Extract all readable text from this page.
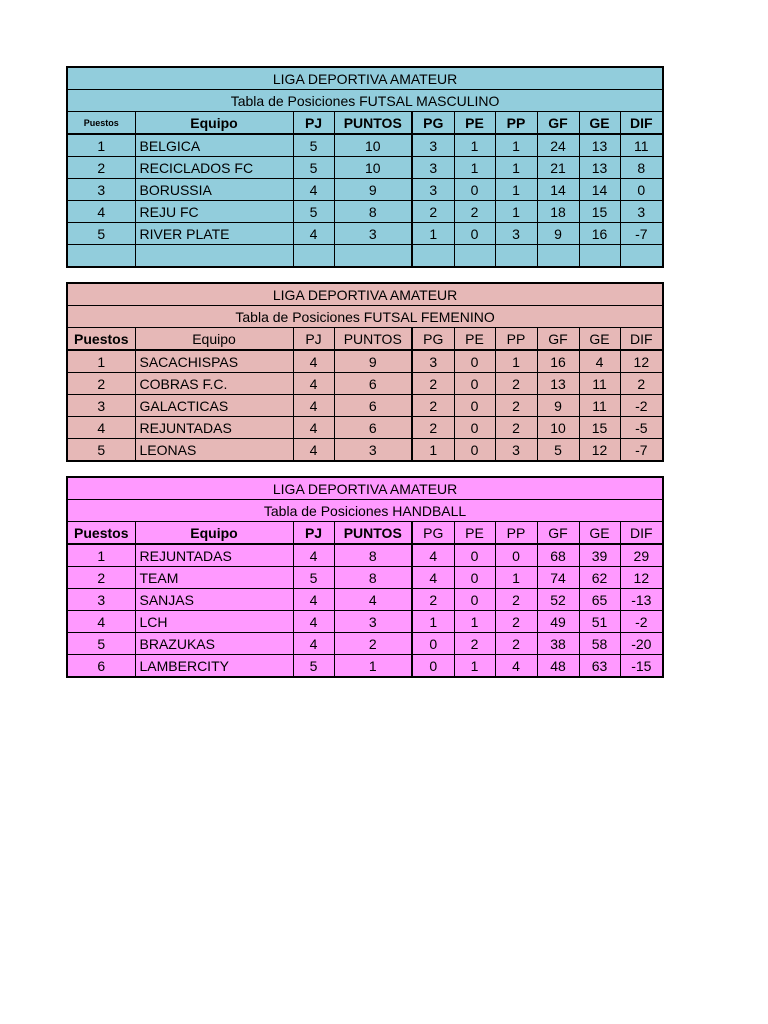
LIGA DEPORTIVA AMATEUR									
Tabla de Posiciones FUTSAL MASCULINO									
Puestos	Equipo	PJ	PUNTOS	PG	PE	PP	GF	GE	DIF
1	BELGICA	5	10	3	1	1	24	13	11
2	RECICLADOS FC	5	10	3	1	1	21	13	8
3	BORUSSIA	4	9	3	0	1	14	14	0
4	REJU FC	5	8	2	2	1	18	15	3
5	RIVER PLATE	4	3	1	0	3	9	16	-7

LIGA DEPORTIVA AMATEUR									
Tabla de Posiciones FUTSAL FEMENINO									
Puestos	Equipo	PJ	PUNTOS	PG	PE	PP	GF	GE	DIF
1	SACACHISPAS	4	9	3	0	1	16	4	12
2	COBRAS F.C.	4	6	2	0	2	13	11	2
3	GALACTICAS	4	6	2	0	2	9	11	-2
4	REJUNTADAS	4	6	2	0	2	10	15	-5
5	LEONAS	4	3	1	0	3	5	12	-7
LIGA DEPORTIVA AMATEUR									
Tabla de Posiciones HANDBALL									
Puestos	Equipo	PJ	PUNTOS	PG	PE	PP	GF	GE	DIF
1	REJUNTADAS	4	8	4	0	0	68	39	29
2	TEAM	5	8	4	0	1	74	62	12
3	SANJAS	4	4	2	0	2	52	65	-13
4	LCH	4	3	1	1	2	49	51	-2
5	BRAZUKAS	4	2	0	2	2	38	58	-20
6	LAMBERCITY	5	1	0	1	4	48	63	-15
